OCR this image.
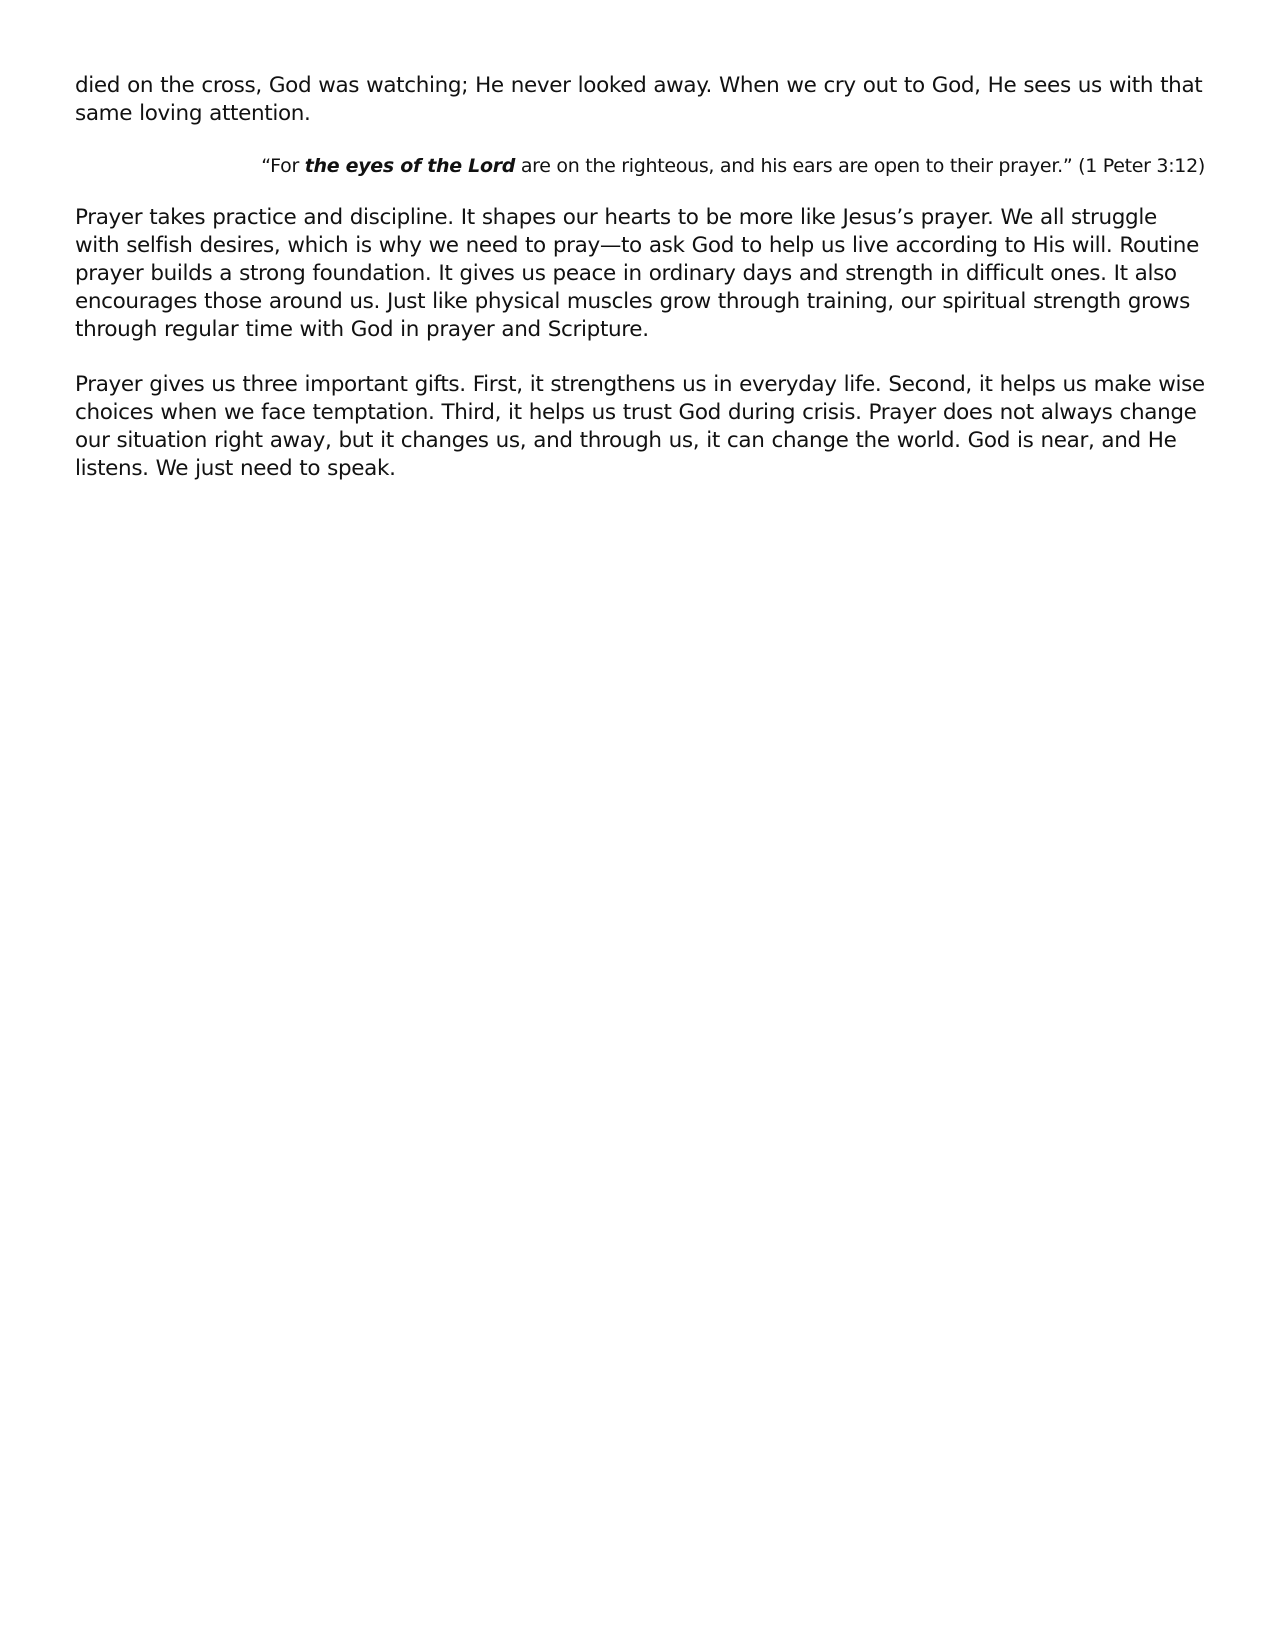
died on the cross, God was watching; He never looked away. When we cry out to God, He sees us with that same loving attention.

“For the eyes of the Lord are on the righteous, and his ears are open to their prayer.” (1 Peter 3:12)

Prayer takes practice and discipline. It shapes our hearts to be more like Jesus’s prayer. We all struggle with selfish desires, which is why we need to pray—to ask God to help us live according to His will. Routine prayer builds a strong foundation. It gives us peace in ordinary days and strength in difficult ones. It also encourages those around us. Just like physical muscles grow through training, our spiritual strength grows through regular time with God in prayer and Scripture.

Prayer gives us three important gifts. First, it strengthens us in everyday life. Second, it helps us make wise choices when we face temptation. Third, it helps us trust God during crisis. Prayer does not always change our situation right away, but it changes us, and through us, it can change the world. God is near, and He listens. We just need to speak.
